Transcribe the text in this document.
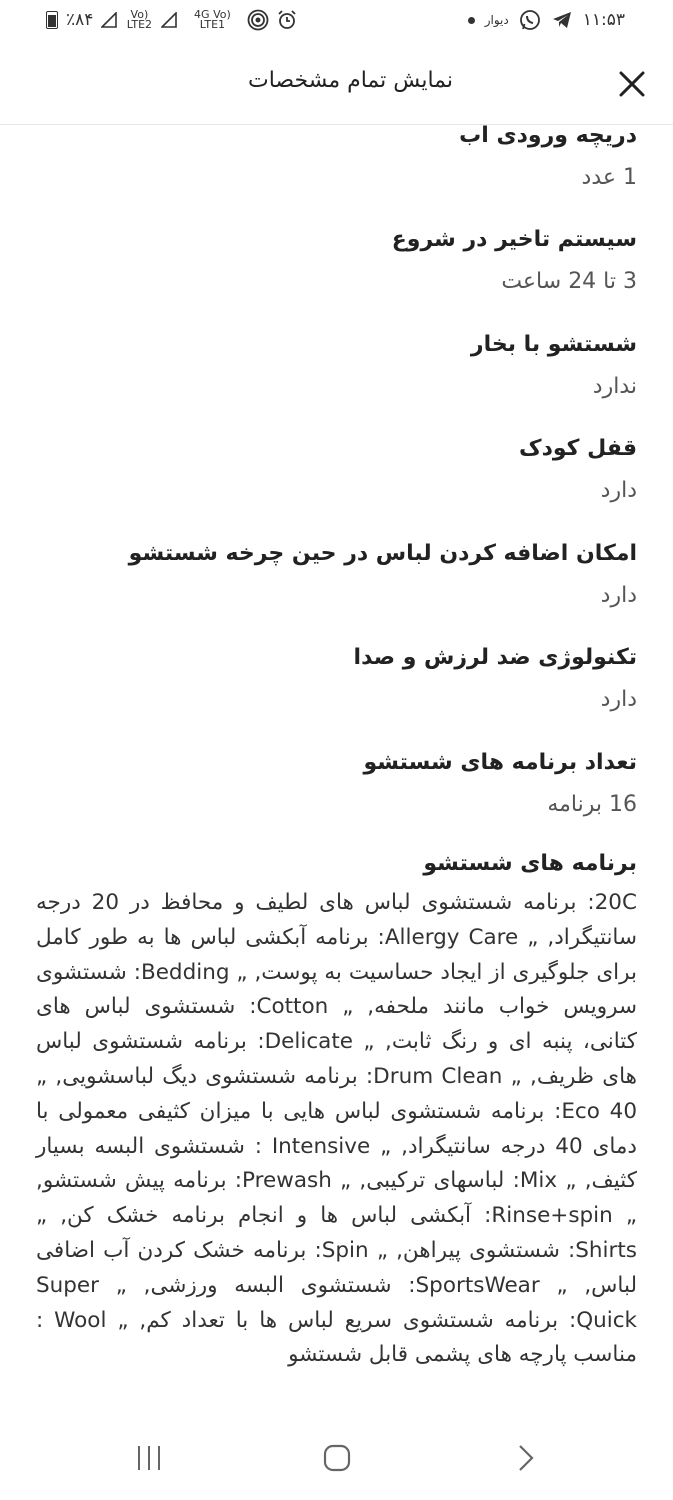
٪۸۴	Vo) LTE2
4G Vo) LTE1	دیوار	۱۱:۵۳
نمایش تمام مشخصات
دریچه ورودی آب
1 عدد
سیستم تاخیر در شروع
3 تا 24 ساعت
شستشو با بخار
ندارد
قفل کودک
دارد
امکان اضافه کردن لباس در حین چرخه شستشو
دارد
تکنولوژی ضد لرزش و صدا
دارد
تعداد برنامه های شستشو
16 برنامه
برنامه های شستشو
20C: برنامه شستشوی لباس های لطیف و محافظ در 20 درجه سانتیگراد, „ Allergy Care: برنامه آبکشی لباس ها به طور کامل برای جلوگیری از ایجاد حساسیت به پوست, „ Bedding: شستشوی سرویس خواب مانند ملحفه, „ Cotton: شستشوی لباس های کتانی، پنبه ای و رنگ ثابت, „ Delicate: برنامه شستشوی لباس های ظریف, „ Drum Clean: برنامه شستشوی دیگ لباسشویی, „ Eco 40: برنامه شستشوی لباس هایی با میزان کثیفی معمولی با دمای 40 درجه سانتیگراد, „ Intensive : شستشوی البسه بسیار کثیف, „ Mix: لباسهای ترکیبی, „ Prewash: برنامه پیش شستشو, „ Rinse+spin: آبکشی لباس ها و انجام برنامه خشک کن, „ Shirts: شستشوی پیراهن, „ Spin: برنامه خشک کردن آب اضافی لباس, „ SportsWear: شستشوی البسه ورزشی, „ Super Quick: برنامه شستشوی سریع لباس ها با تعداد کم, „ Wool : مناسب پارچه های پشمی قابل شستشو
